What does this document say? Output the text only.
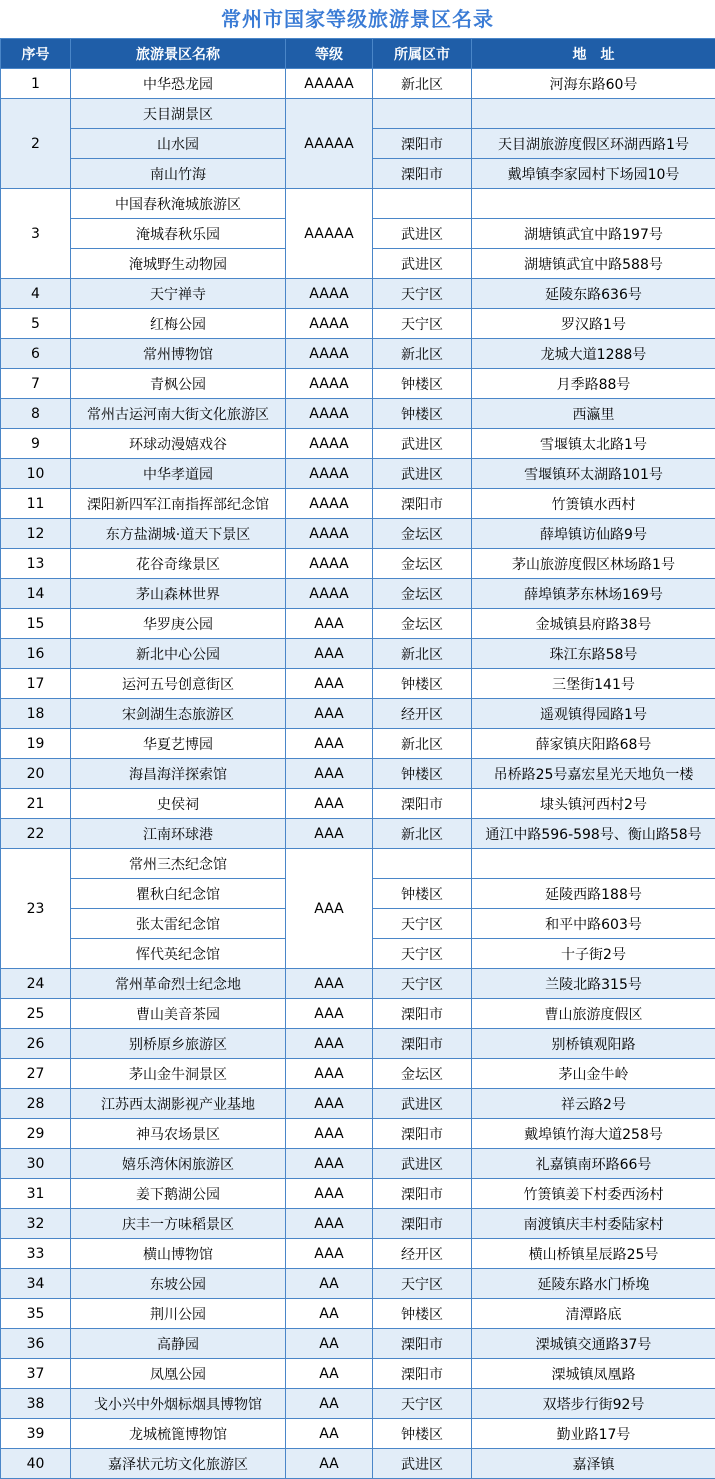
常州市国家等级旅游景区名录
序号	旅游景区名称	等级	所属区市	地　址
1	中华恐龙园	AAAAA	新北区	河海东路60号
2	天目湖景区	AAAAA		
	山水园		溧阳市	天目湖旅游度假区环湖西路1号
	南山竹海		溧阳市	戴埠镇李家园村下场园10号
3	中国春秋淹城旅游区	AAAAA		
	淹城春秋乐园		武进区	湖塘镇武宜中路197号
	淹城野生动物园		武进区	湖塘镇武宜中路588号
4	天宁禅寺	AAAA	天宁区	延陵东路636号
5	红梅公园	AAAA	天宁区	罗汉路1号
6	常州博物馆	AAAA	新北区	龙城大道1288号
7	青枫公园	AAAA	钟楼区	月季路88号
8	常州古运河南大街文化旅游区	AAAA	钟楼区	西瀛里
9	环球动漫嬉戏谷	AAAA	武进区	雪堰镇太北路1号
10	中华孝道园	AAAA	武进区	雪堰镇环太湖路101号
11	溧阳新四军江南指挥部纪念馆	AAAA	溧阳市	竹箦镇水西村
12	东方盐湖城·道天下景区	AAAA	金坛区	薛埠镇访仙路9号
13	花谷奇缘景区	AAAA	金坛区	茅山旅游度假区林场路1号
14	茅山森林世界	AAAA	金坛区	薛埠镇茅东林场169号
15	华罗庚公园	AAA	金坛区	金城镇县府路38号
16	新北中心公园	AAA	新北区	珠江东路58号
17	运河五号创意街区	AAA	钟楼区	三堡街141号
18	宋剑湖生态旅游区	AAA	经开区	遥观镇得园路1号
19	华夏艺博园	AAA	新北区	薛家镇庆阳路68号
20	海昌海洋探索馆	AAA	钟楼区	吊桥路25号嘉宏星光天地负一楼
21	史侯祠	AAA	溧阳市	埭头镇河西村2号
22	江南环球港	AAA	新北区	通江中路596-598号、衡山路58号
23	常州三杰纪念馆	AAA		
	瞿秋白纪念馆		钟楼区	延陵西路188号
	张太雷纪念馆		天宁区	和平中路603号
	恽代英纪念馆		天宁区	十子街2号
24	常州革命烈士纪念地	AAA	天宁区	兰陵北路315号
25	曹山美音茶园	AAA	溧阳市	曹山旅游度假区
26	别桥原乡旅游区	AAA	溧阳市	别桥镇观阳路
27	茅山金牛洞景区	AAA	金坛区	茅山金牛岭
28	江苏西太湖影视产业基地	AAA	武进区	祥云路2号
29	神马农场景区	AAA	溧阳市	戴埠镇竹海大道258号
30	嬉乐湾休闲旅游区	AAA	武进区	礼嘉镇南环路66号
31	姜下鹅湖公园	AAA	溧阳市	竹箦镇姜下村委西汤村
32	庆丰一方味稻景区	AAA	溧阳市	南渡镇庆丰村委陆家村
33	横山博物馆	AAA	经开区	横山桥镇星辰路25号
34	东坡公园	AA	天宁区	延陵东路水门桥堍
35	荆川公园	AA	钟楼区	清潭路底
36	高静园	AA	溧阳市	溧城镇交通路37号
37	凤凰公园	AA	溧阳市	溧城镇凤凰路
38	戈小兴中外烟标烟具博物馆	AA	天宁区	双塔步行街92号
39	龙城梳篦博物馆	AA	钟楼区	勤业路17号
40	嘉泽状元坊文化旅游区	AA	武进区	嘉泽镇
